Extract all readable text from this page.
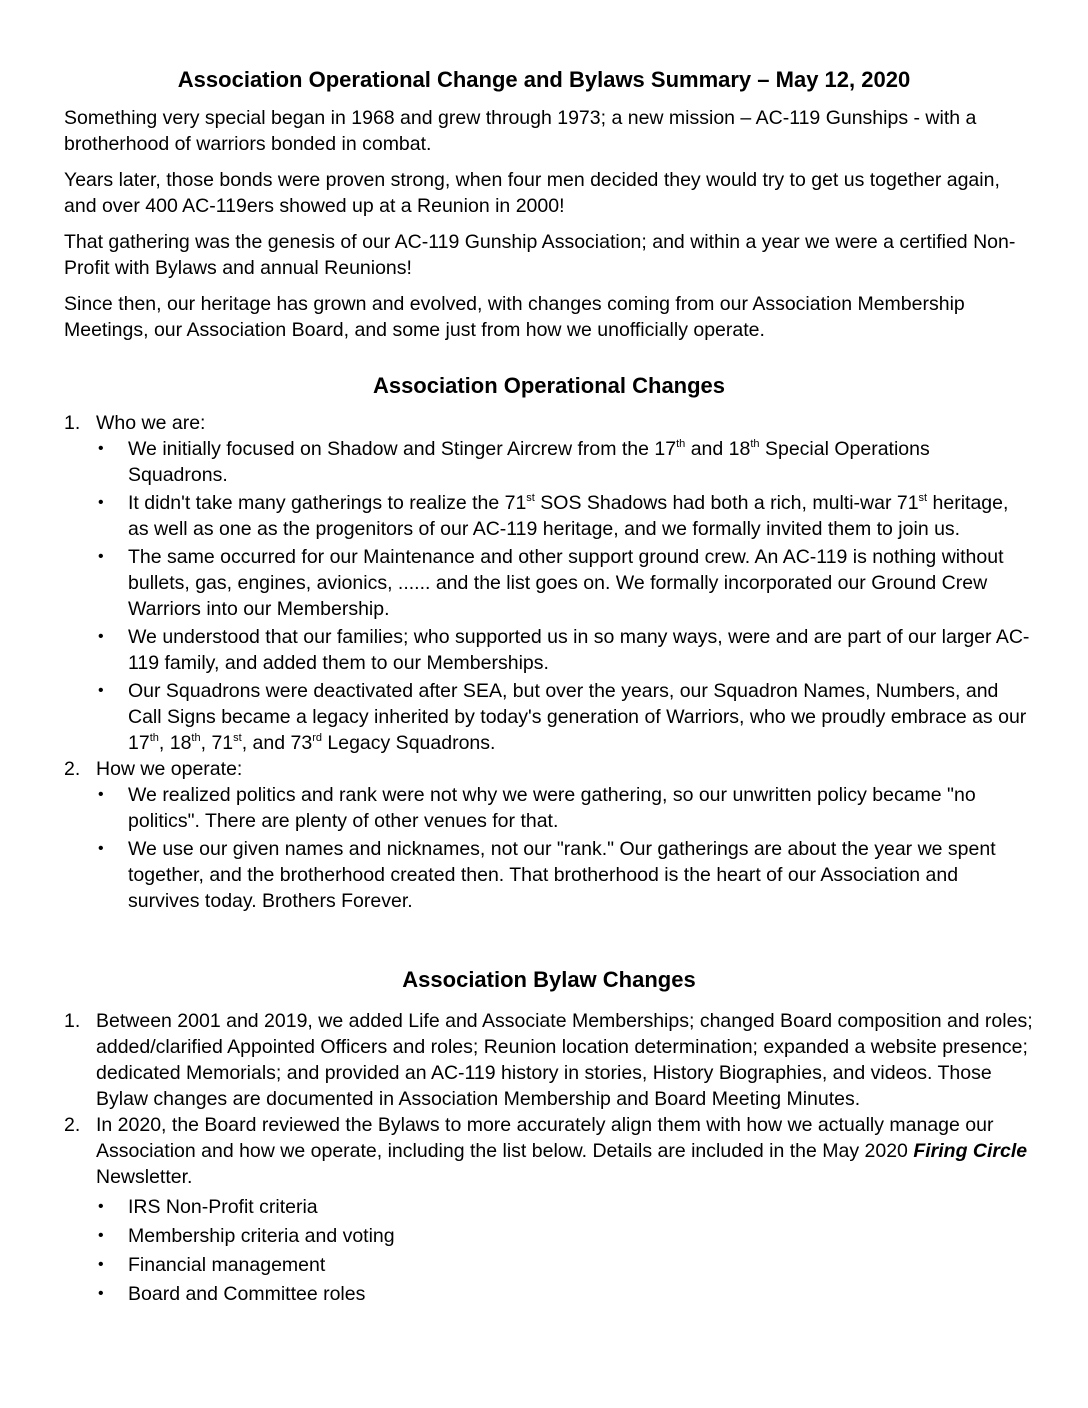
Association Operational Change and Bylaws Summary – May 12, 2020

Something very special began in 1968 and grew through 1973; a new mission – AC-119 Gunships - with a brotherhood of warriors bonded in combat.

Years later, those bonds were proven strong, when four men decided they would try to get us together again, and over 400 AC-119ers showed up at a Reunion in 2000!

That gathering was the genesis of our AC-119 Gunship Association; and within a year we were a certified Non-Profit with Bylaws and annual Reunions!

Since then, our heritage has grown and evolved, with changes coming from our Association Membership Meetings, our Association Board, and some just from how we unofficially operate.

Association Operational Changes
1. Who we are:
• We initially focused on Shadow and Stinger Aircrew from the 17th and 18th Special Operations Squadrons.
• It didn't take many gatherings to realize the 71st SOS Shadows had both a rich, multi-war 71st heritage, as well as one as the progenitors of our AC-119 heritage, and we formally invited them to join us.
• The same occurred for our Maintenance and other support ground crew. An AC-119 is nothing without bullets, gas, engines, avionics, ...... and the list goes on. We formally incorporated our Ground Crew Warriors into our Membership.
• We understood that our families; who supported us in so many ways, were and are part of our larger AC-119 family, and added them to our Memberships.
• Our Squadrons were deactivated after SEA, but over the years, our Squadron Names, Numbers, and Call Signs became a legacy inherited by today's generation of Warriors, who we proudly embrace as our 17th, 18th, 71st, and 73rd Legacy Squadrons.
2. How we operate:
• We realized politics and rank were not why we were gathering, so our unwritten policy became "no politics". There are plenty of other venues for that.
• We use our given names and nicknames, not our "rank." Our gatherings are about the year we spent together, and the brotherhood created then. That brotherhood is the heart of our Association and survives today. Brothers Forever.
Association Bylaw Changes
1. Between 2001 and 2019, we added Life and Associate Memberships; changed Board composition and roles; added/clarified Appointed Officers and roles; Reunion location determination; expanded a website presence; dedicated Memorials; and provided an AC-119 history in stories, History Biographies, and videos. Those Bylaw changes are documented in Association Membership and Board Meeting Minutes.
2. In 2020, the Board reviewed the Bylaws to more accurately align them with how we actually manage our Association and how we operate, including the list below. Details are included in the May 2020 Firing Circle Newsletter.
• IRS Non-Profit criteria
• Membership criteria and voting
• Financial management
• Board and Committee roles
